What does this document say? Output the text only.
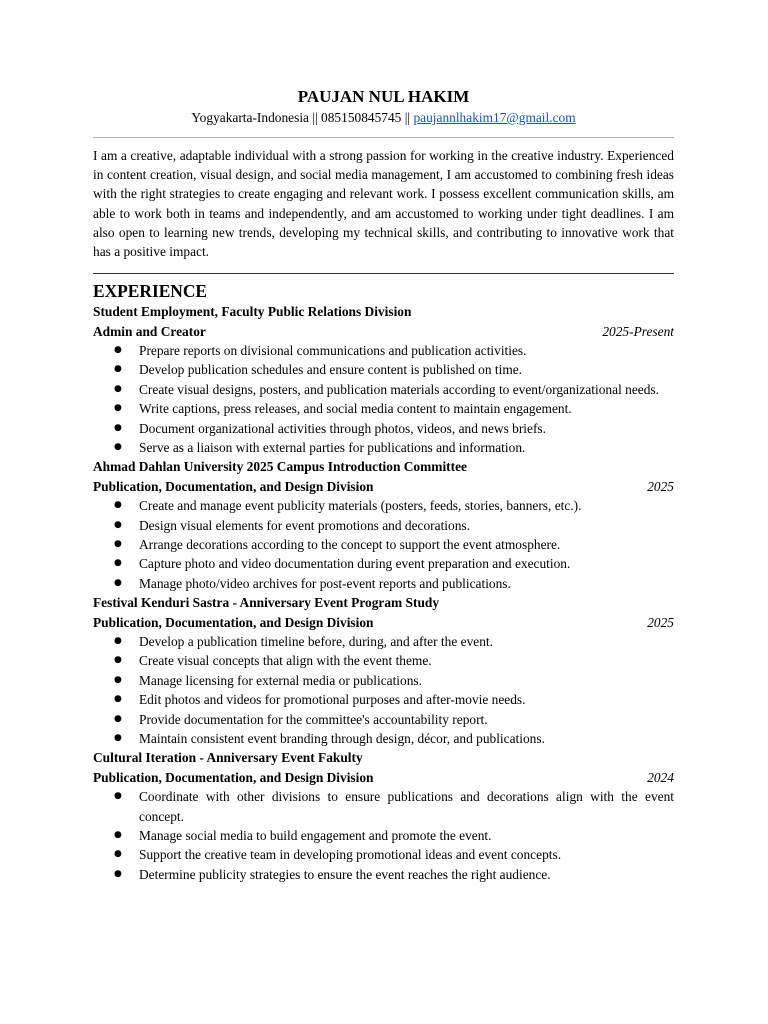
PAUJAN NUL HAKIM
Yogyakarta-Indonesia || 085150845745 || paujannlhakim17@gmail.com

I am a creative, adaptable individual with a strong passion for working in the creative industry. Experienced in content creation, visual design, and social media management, I am accustomed to combining fresh ideas with the right strategies to create engaging and relevant work. I possess excellent communication skills, am able to work both in teams and independently, and am accustomed to working under tight deadlines. I am also open to learning new trends, developing my technical skills, and contributing to innovative work that has a positive impact.

EXPERIENCE
Student Employment, Faculty Public Relations Division
Admin and Creator	2025-Present
● Prepare reports on divisional communications and publication activities.
● Develop publication schedules and ensure content is published on time.
● Create visual designs, posters, and publication materials according to event/organizational needs.
● Write captions, press releases, and social media content to maintain engagement.
● Document organizational activities through photos, videos, and news briefs.
● Serve as a liaison with external parties for publications and information.
Ahmad Dahlan University 2025 Campus Introduction Committee
Publication, Documentation, and Design Division	2025
● Create and manage event publicity materials (posters, feeds, stories, banners, etc.).
● Design visual elements for event promotions and decorations.
● Arrange decorations according to the concept to support the event atmosphere.
● Capture photo and video documentation during event preparation and execution.
● Manage photo/video archives for post-event reports and publications.
Festival Kenduri Sastra - Anniversary Event Program Study
Publication, Documentation, and Design Division	2025
● Develop a publication timeline before, during, and after the event.
● Create visual concepts that align with the event theme.
● Manage licensing for external media or publications.
● Edit photos and videos for promotional purposes and after-movie needs.
● Provide documentation for the committee's accountability report.
● Maintain consistent event branding through design, décor, and publications.
Cultural Iteration - Anniversary Event Fakulty
Publication, Documentation, and Design Division	2024
● Coordinate with other divisions to ensure publications and decorations align with the event concept.
● Manage social media to build engagement and promote the event.
● Support the creative team in developing promotional ideas and event concepts.
● Determine publicity strategies to ensure the event reaches the right audience.
